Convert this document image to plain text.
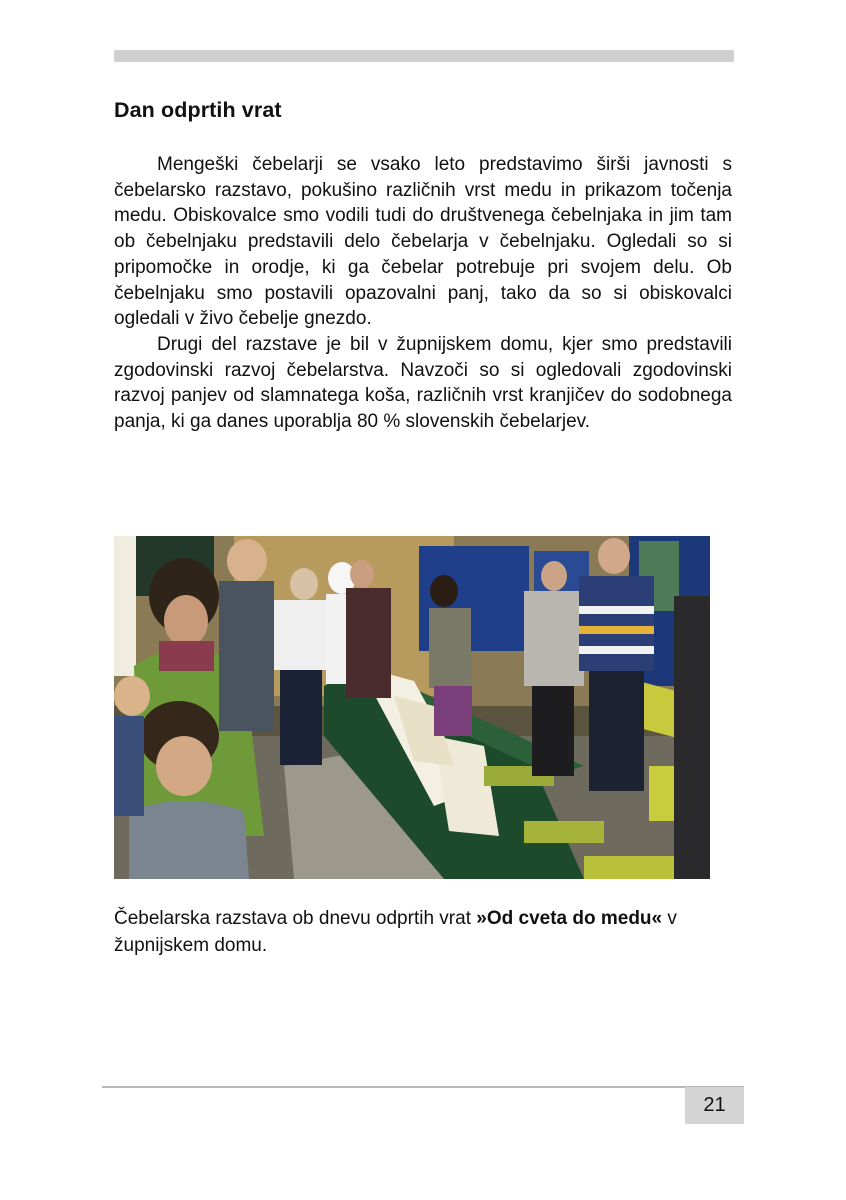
Dan odprtih vrat

Mengeški čebelarji se vsako leto predstavimo širši javnosti s čebelarsko razstavo, pokušino različnih vrst medu in prikazom točenja medu. Obiskovalce smo vodili tudi do društvenega čebelnjaka in jim tam ob čebelnjaku predstavili delo čebelarja v čebelnjaku. Ogledali so si pripomočke in orodje, ki ga čebelar potrebuje pri svojem delu. Ob čebelnjaku smo postavili opazovalni panj, tako da so si obiskovalci ogledali v živo čebelje gnezdo.

Drugi del razstave je bil v župnijskem domu, kjer smo predstavili zgodovinski razvoj čebelarstva. Navzoči so si ogledovali zgodovinski razvoj panjev od slamnatega koša, različnih vrst kranjičev do sodobnega panja, ki ga danes uporablja 80 % slovenskih čebelarjev.

Čebelarska razstava ob dnevu odprtih vrat »Od cveta do medu« v župnijskem domu.
21
